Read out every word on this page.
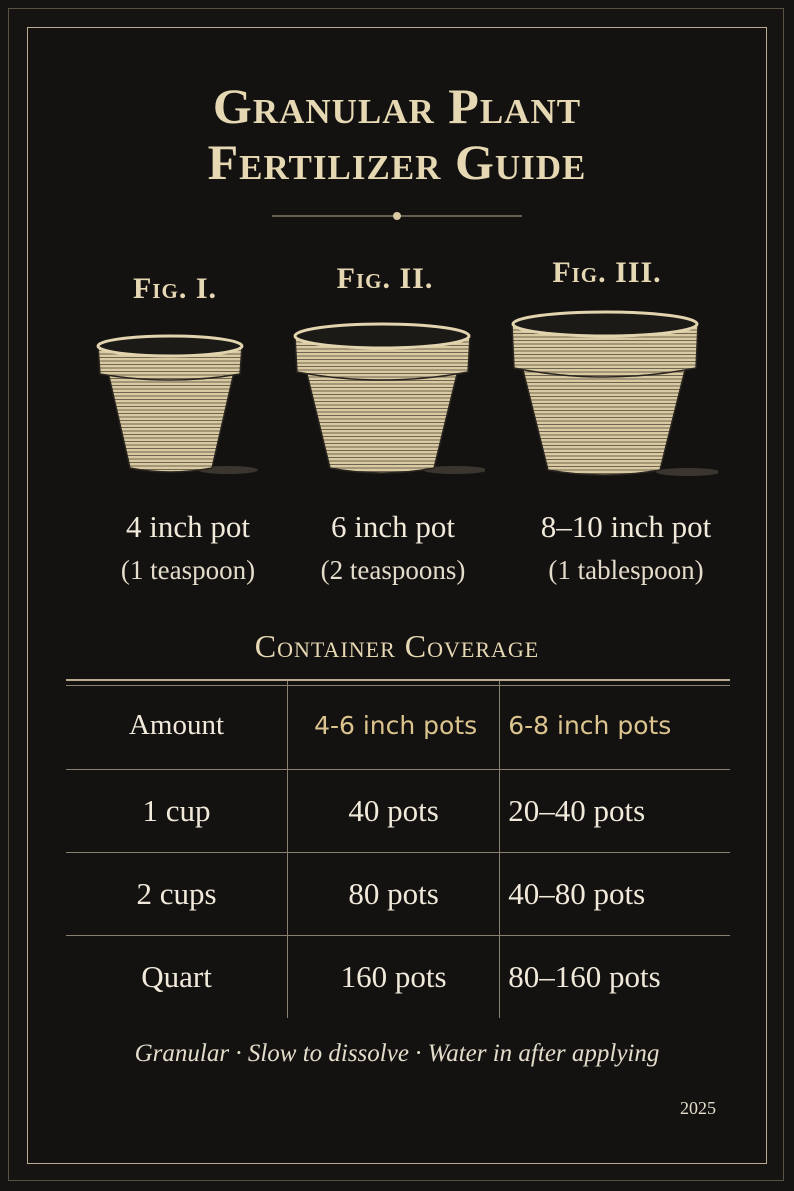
Granular Plant
Fertilizer Guide
Fig. I.	Fig. II.	Fig. III.
4 inch pot
(1 teaspoon)
6 inch pot
(2 teaspoons)
8–10 inch pot
(1 tablespoon)
Container Coverage
Amount	4-6 inch pots	6-8 inch pots
1 cup	40 pots	20–40 pots
2 cups	80 pots	40–80 pots
Quart	160 pots	80–160 pots
Granular · Slow to dissolve · Water in after applying
2025
